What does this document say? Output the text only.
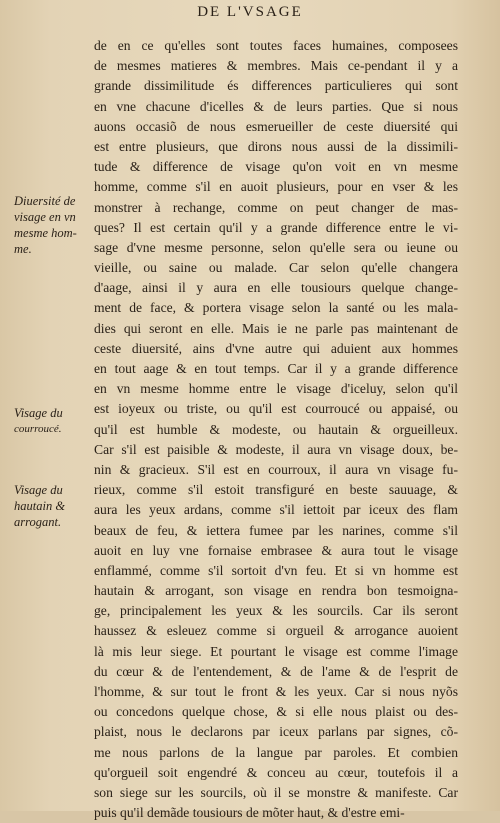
DE L'VSAGE
Diuersité de
visage en vn
mesme hom-
me.
Visage du
courroucé.
Visage du
hautain &
arrogant.
de en ce qu'elles sont toutes faces humaines, composees
de mesmes matieres & membres. Mais ce-pendant il y a
grande dissimilitude és differences particulieres qui sont
en vne chacune d'icelles & de leurs parties. Que si nous
auons occasiõ de nous esmerueiller de ceste diuersité qui
est entre plusieurs, que dirons nous aussi de la dissimili-
tude & difference de visage qu'on voit en vn mesme
homme, comme s'il en auoit plusieurs, pour en vser & les
monstrer à rechange, comme on peut changer de mas-
ques? Il est certain qu'il y a grande difference entre le vi-
sage d'vne mesme personne, selon qu'elle sera ou ieune ou
vieille, ou saine ou malade. Car selon qu'elle changera
d'aage, ainsi il y aura en elle tousiours quelque change-
ment de face, & portera visage selon la santé ou les mala-
dies qui seront en elle. Mais ie ne parle pas maintenant de
ceste diuersité, ains d'vne autre qui aduient aux hommes
en tout aage & en tout temps. Car il y a grande difference
en vn mesme homme entre le visage d'iceluy, selon qu'il
est ioyeux ou triste, ou qu'il est courroucé ou appaisé, ou
qu'il est humble & modeste, ou hautain & orgueilleux.
Car s'il est paisible & modeste, il aura vn visage doux, be-
nin & gracieux. S'il est en courroux, il aura vn visage fu-
rieux, comme s'il estoit transfiguré en beste sauuage, &
aura les yeux ardans, comme s'il iettoit par iceux des flam
beaux de feu, & iettera fumee par les narines, comme s'il
auoit en luy vne fornaise embrasee & aura tout le visage
enflammé, comme s'il sortoit d'vn feu. Et si vn homme est
hautain & arrogant, son visage en rendra bon tesmoigna-
ge, principalement les yeux & les sourcils. Car ils seront
haussez & esleuez comme si orgueil & arrogance auoient
là mis leur siege. Et pourtant le visage est comme l'image
du cœur & de l'entendement, & de l'ame & de l'esprit de
l'homme, & sur tout le front & les yeux. Car si nous nyõs
ou concedons quelque chose, & si elle nous plaist ou des-
plaist, nous le declarons par iceux parlans par signes, cõ-
me nous parlons de la langue par paroles. Et combien
qu'orgueil soit engendré & conceu au cœur, toutefois il a
son siege sur les sourcils, où il se monstre & manifeste. Car
puis qu'il demãde tousiours de mõter haut, & d'estre emi-
